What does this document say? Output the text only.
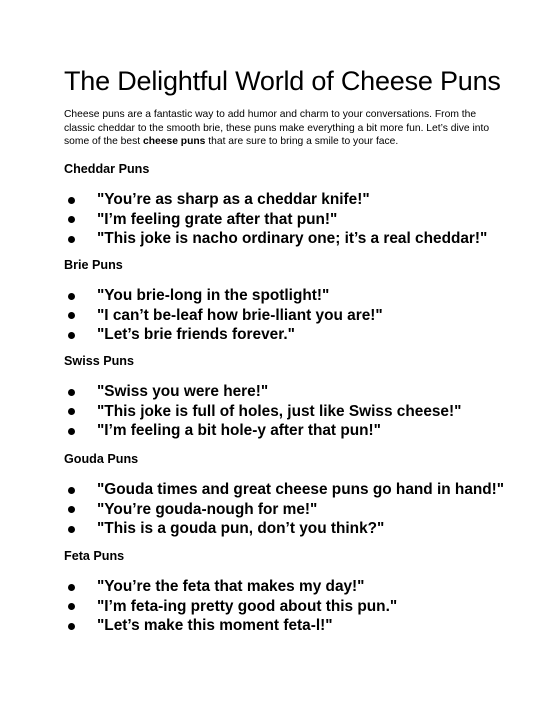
The Delightful World of Cheese Puns

Cheese puns are a fantastic way to add humor and charm to your conversations. From the classic cheddar to the smooth brie, these puns make everything a bit more fun. Let’s dive into some of the best cheese puns that are sure to bring a smile to your face.

Cheddar Puns
"You’re as sharp as a cheddar knife!"
"I’m feeling grate after that pun!"
"This joke is nacho ordinary one; it’s a real cheddar!"
Brie Puns
"You brie-long in the spotlight!"
"I can’t be-leaf how brie-lliant you are!"
"Let’s brie friends forever."
Swiss Puns
"Swiss you were here!"
"This joke is full of holes, just like Swiss cheese!"
"I’m feeling a bit hole-y after that pun!"
Gouda Puns
"Gouda times and great cheese puns go hand in hand!"
"You’re gouda-nough for me!"
"This is a gouda pun, don’t you think?"
Feta Puns
"You’re the feta that makes my day!"
"I’m feta-ing pretty good about this pun."
"Let’s make this moment feta-l!"
